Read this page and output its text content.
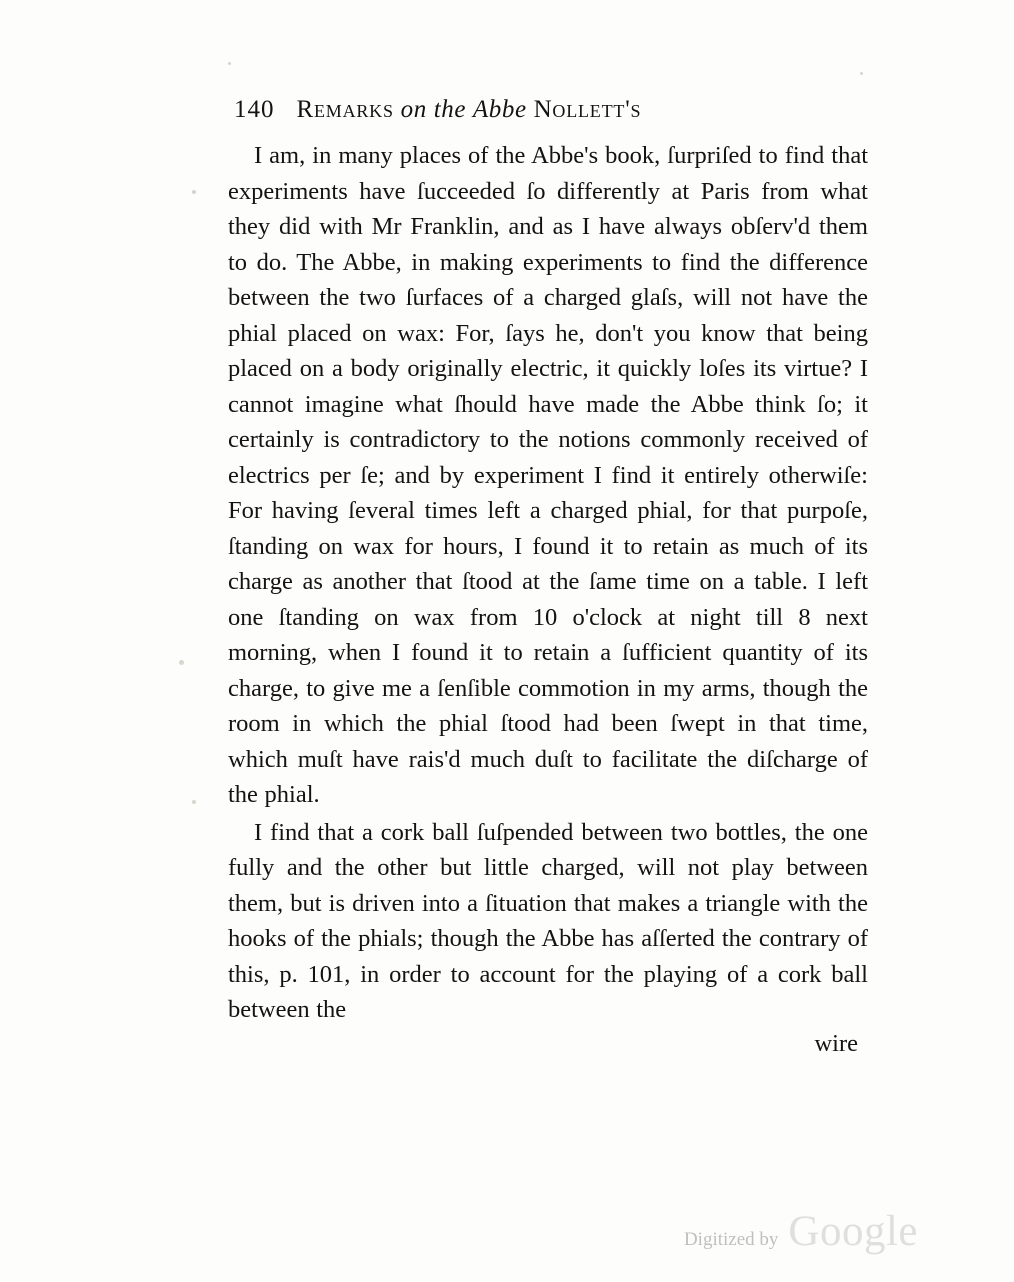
140 Remarks on the Abbe Nollett's

I am, in many places of the Abbe's book, ſurpriſed to find that experiments have ſucceeded ſo differently at Paris from what they did with Mr Franklin, and as I have always obſerv'd them to do. The Abbe, in making experiments to find the difference between the two ſurfaces of a charged glaſs, will not have the phial placed on wax: For, ſays he, don't you know that being placed on a body originally electric, it quickly loſes its virtue? I cannot imagine what ſhould have made the Abbe think ſo; it certainly is contradictory to the notions commonly received of electrics per ſe; and by experiment I find it entirely otherwiſe: For having ſeveral times left a charged phial, for that purpoſe, ſtanding on wax for hours, I found it to retain as much of its charge as another that ſtood at the ſame time on a table. I left one ſtanding on wax from 10 o'clock at night till 8 next morning, when I found it to retain a ſufficient quantity of its charge, to give me a ſenſible commotion in my arms, though the room in which the phial ſtood had been ſwept in that time, which muſt have rais'd much duſt to facilitate the diſcharge of the phial.

I find that a cork ball ſuſpended between two bottles, the one fully and the other but little charged, will not play between them, but is driven into a ſituation that makes a triangle with the hooks of the phials; though the Abbe has aſſerted the contrary of this, p. 101, in order to account for the playing of a cork ball between the

wire
Digitized by Google
